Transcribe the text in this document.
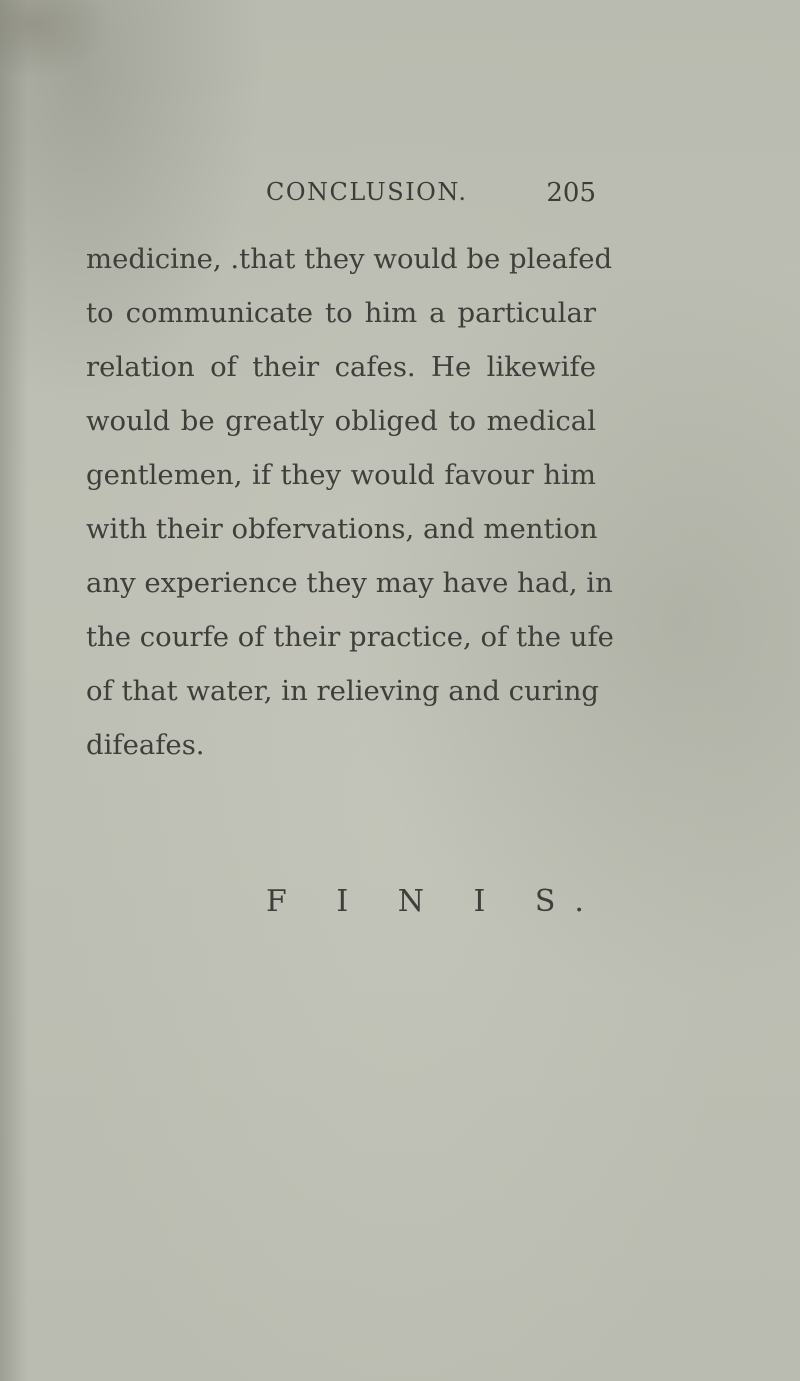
CONCLUSION.	205
medicine, .that they would be pleafed
to communicate to him a particular
relation of their cafes. He likewife
would be greatly obliged to medical
gentlemen, if they would favour him
with their obfervations, and mention
any experience they may have had, in
the courfe of their practice, of the ufe
of that water, in relieving and curing
difeafes.
F I N I S.
